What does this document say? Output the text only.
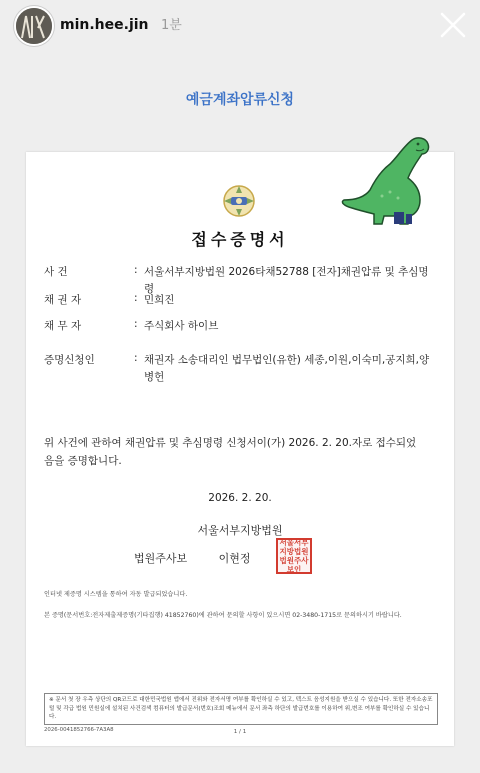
min.hee.jin 1분
예금계좌압류신청
접수증명서
사 건	: 서울서부지방법원 2026타채52788 [전자]채권압류 및 추심명령
채 권 자	: 민희진
채 무 자	: 주식회사 하이브
증명신청인	: 채권자 소송대리인 법무법인(유한) 세종,이원,이숙미,공지희,양병헌
위 사건에 관하여 채권압류 및 추심명령 신청서이(가) 2026. 2. 20.자로 접수되었음을 증명합니다.
2026. 2. 20.
서울서부지방법원
법원주사보	이현정
서울서부지방법원법원주사보인
인터넷 제증명 시스템을 통하여 자동 발급되었습니다.
본 증명(문서번호:전자제출제증명(기타집행) 41852760)에 관하여 문의할 사항이 있으시면 02-3480-1715로 문의하시기 바랍니다.
※ 문서 첫 장 우측 상단의 QR코드로 대한민국법원 앱에서 진위와 전자서명 여부를 확인하실 수 있고, 텍스트 음성지원을 받으실 수 있습니다. 또한 전자소송포털 및 각급 법원 민원실에 설치된 사건검색 컴퓨터의 발급문서(번호)조회 메뉴에서 문서 좌측 하단의 발급번호를 이용하여 위,변조 여부를 확인하실 수 있습니다.
2026-0041852766-7A3A8	1 / 1
